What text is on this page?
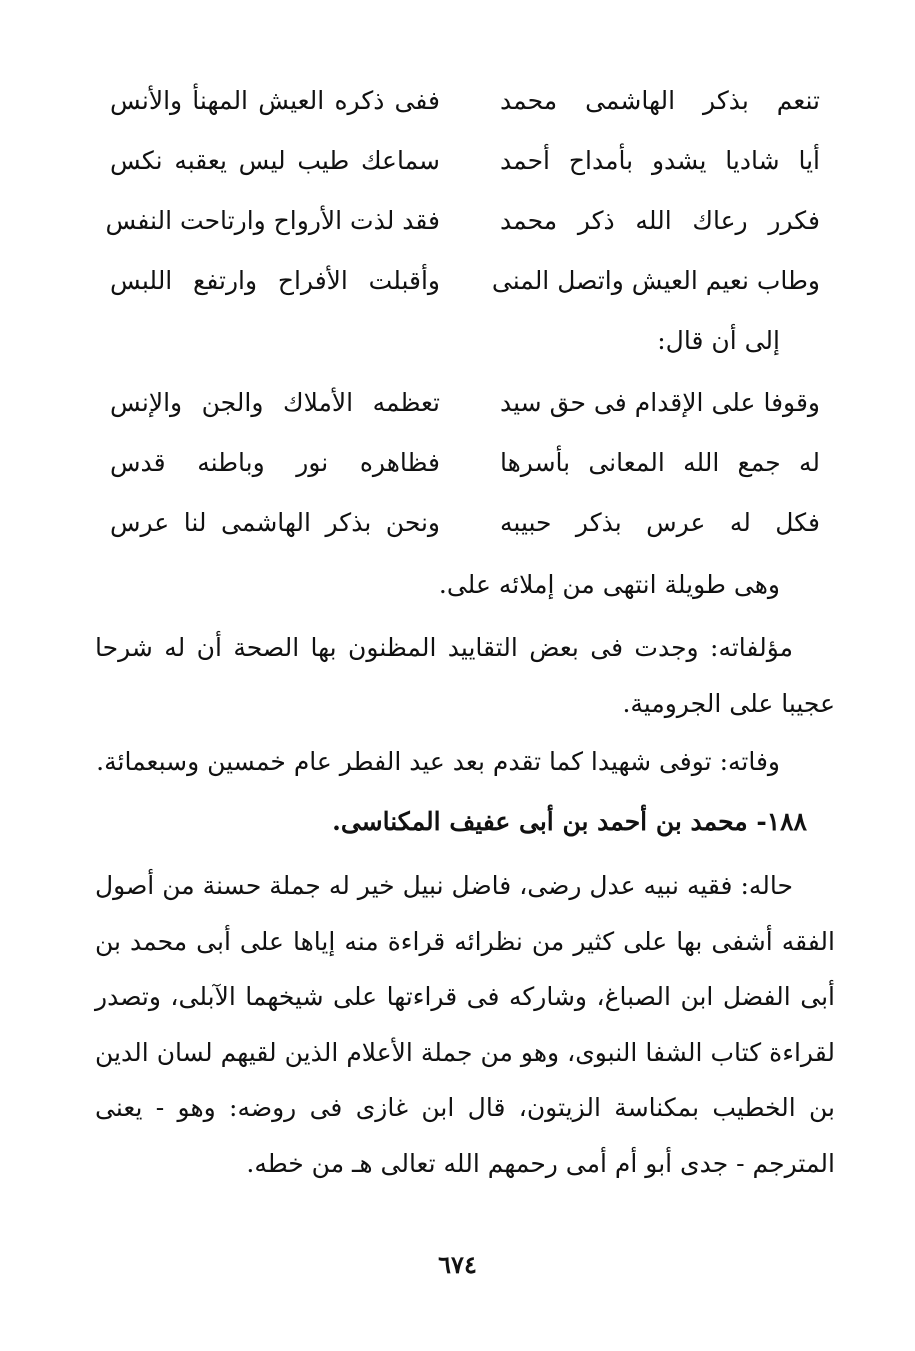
تنعم بذكر الهاشمى محمد
ففى ذكره العيش المهنأ والأنس
أيا شاديا يشدو بأمداح أحمد
سماعك طيب ليس يعقبه نكس
فكرر رعاك الله ذكر محمد
فقد لذت الأرواح وارتاحت النفس
وطاب نعيم العيش واتصل المنى
وأقبلت الأفراح وارتفع اللبس
إلى أن قال:
وقوفا على الإقدام فى حق سيد
تعظمه الأملاك والجن والإنس
له جمع الله المعانى بأسرها
فظاهره نور وباطنه قدس
فكل له عرس بذكر حبيبه
ونحن بذكر الهاشمى لنا عرس
وهى طويلة انتهى من إملائه على.
مؤلفاته: وجدت فى بعض التقاييد المظنون بها الصحة أن له شرحا عجيبا على الجرومية.
وفاته: توفى شهيدا كما تقدم بعد عيد الفطر عام خمسين وسبعمائة.
١٨٨- محمد بن أحمد بن أبى عفيف المكناسى.
حاله: فقيه نبيه عدل رضى، فاضل نبيل خير له جملة حسنة من أصول الفقه أشفى بها على كثير من نظرائه قراءة منه إياها على أبى محمد بن أبى الفضل ابن الصباغ، وشاركه فى قراءتها على شيخهما الآبلى، وتصدر لقراءة كتاب الشفا النبوى، وهو من جملة الأعلام الذين لقيهم لسان الدين بن الخطيب بمكناسة الزيتون، قال ابن غازى فى روضه: وهو - يعنى المترجم - جدى أبو أم أمى رحمهم الله تعالى هـ من خطه.
٦٧٤
